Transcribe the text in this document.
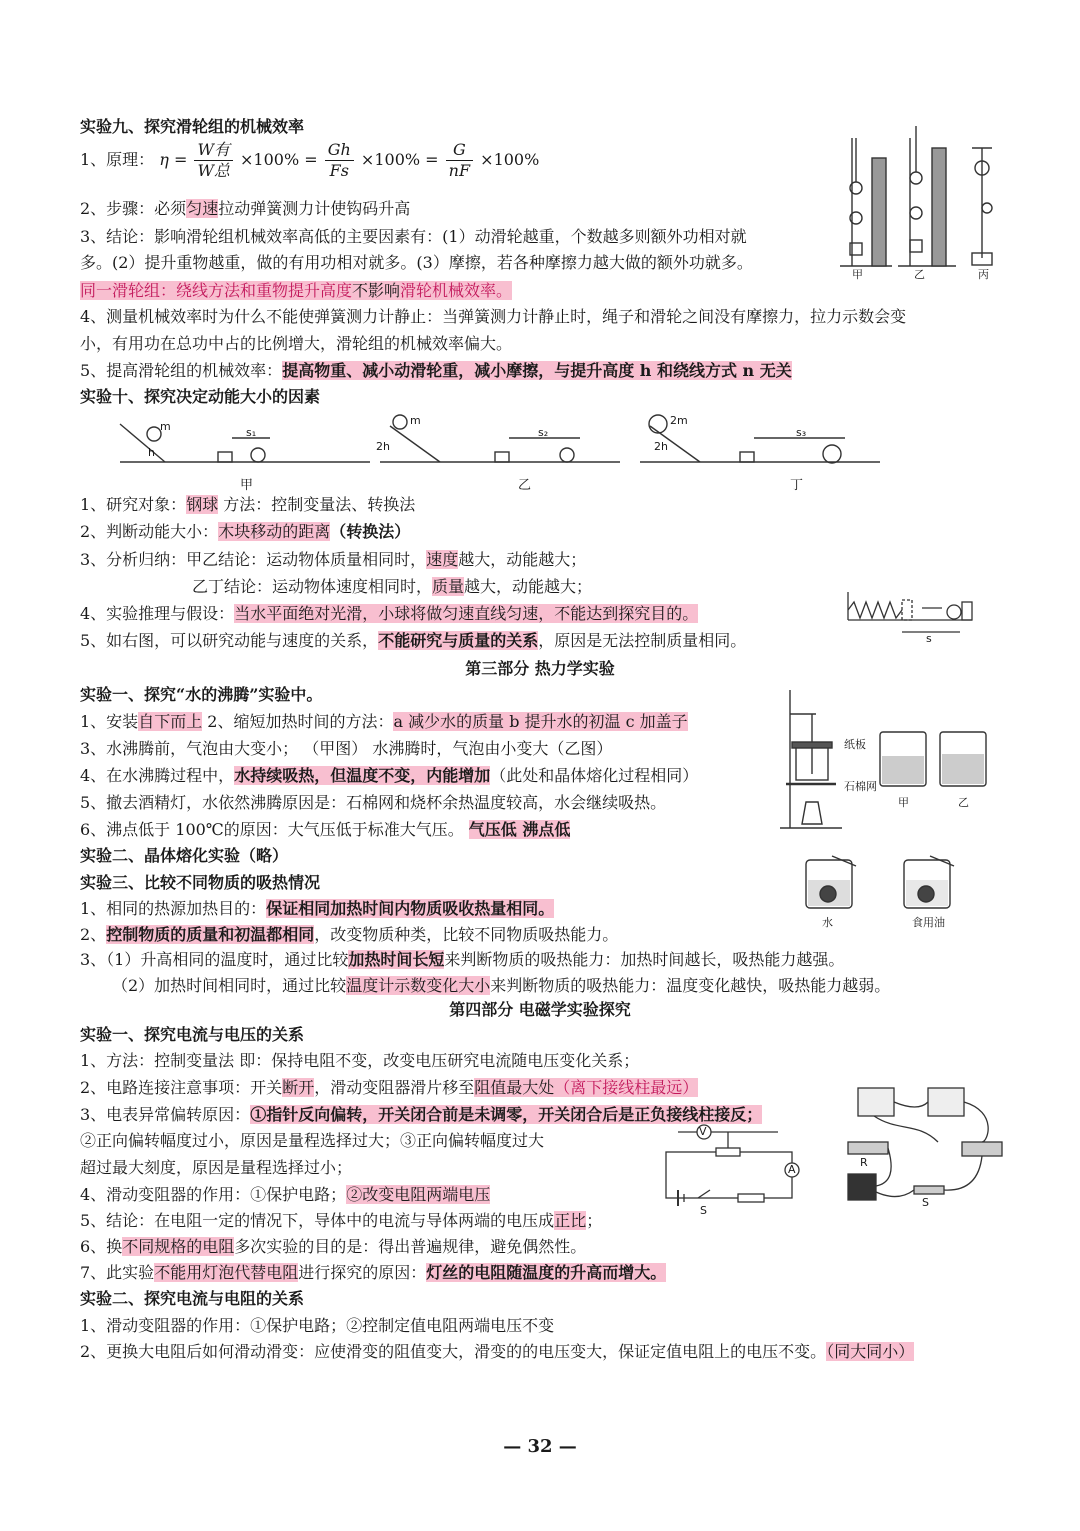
实验九、探究滑轮组的机械效率
1、原理： $\eta = \frac{\text{W有}}{\text{W总}} \times 100\% = \frac{Gh}{Fs} \times 100\% = \frac{G}{nF} \times 100\%$
2、步骤：必须匀速拉动弹簧测力计使钩码升高
3、结论：影响滑轮组机械效率高低的主要因素有：(1）动滑轮越重，个数越多则额外功相对就
多。(2）提升重物越重，做的有用功相对就多。(3）摩擦，若各种摩擦力越大做的额外功就多。
同一滑轮组：绕线方法和重物提升高度不影响滑轮机械效率。
4、测量机械效率时为什么不能使弹簧测力计静止：当弹簧测力计静止时，绳子和滑轮之间没有摩擦力，拉力示数会变
小，有用功在总功中占的比例增大，滑轮组的机械效率偏大。
5、提高滑轮组的机械效率：提高物重、减小动滑轮重，减小摩擦，与提升高度 h 和绕线方式 n 无关
甲	乙	丙
实验十、探究决定动能大小的因素
m
h
s₁
m
2h
s₂
2m
2h
s₃
甲	乙	丁
1、研究对象：钢球 方法：控制变量法、转换法
2、判断动能大小：木块移动的距离（转换法）
3、分析归纳：甲乙结论：运动物体质量相同时，速度越大，动能越大；
乙丁结论：运动物体速度相同时，质量越大，动能越大；
4、实验推理与假设：当水平面绝对光滑，小球将做匀速直线匀速，不能达到探究目的。
5、如右图，可以研究动能与速度的关系，不能研究与质量的关系，原因是无法控制质量相同。	s
第三部分 热力学实验
实验一、探究“水的沸腾”实验中。
1、安装自下而上 2、缩短加热时间的方法：a 减少水的质量 b 提升水的初温 c 加盖子
3、水沸腾前，气泡由大变小； （甲图） 水沸腾时，气泡由小变大（乙图）
4、在水沸腾过程中，水持续吸热，但温度不变，内能增加（此处和晶体熔化过程相同）
5、撤去酒精灯，水依然沸腾原因是：石棉网和烧杯余热温度较高，水会继续吸热。
6、沸点低于 100℃的原因：大气压低于标准大气压。 气压低 沸点低
实验二、晶体熔化实验（略）
实验三、比较不同物质的吸热情况
1、相同的热源加热目的：保证相同加热时间内物质吸收热量相同。
2、控制物质的质量和初温都相同，改变物质种类，比较不同物质吸热能力。
3、（1）升高相同的温度时，通过比较加热时间长短来判断物质的吸热能力：加热时间越长，吸热能力越强。
（2）加热时间相同时，通过比较温度计示数变化大小来判断物质的吸热能力：温度变化越快，吸热能力越弱。
纸板
石棉网
甲	乙
水	食用油
第四部分 电磁学实验探究
实验一、探究电流与电压的关系
1、方法：控制变量法 即：保持电阻不变，改变电压研究电流随电压变化关系；
2、电路连接注意事项：开关断开，滑动变阻器滑片移至阻值最大处（离下接线柱最远）
3、电表异常偏转原因：①指针反向偏转，开关闭合前是未调零，开关闭合后是正负接线柱接反；
②正向偏转幅度过小，原因是量程选择过大；③正向偏转幅度过大
超过最大刻度，原因是量程选择过小；
4、滑动变阻器的作用：①保护电路；②改变电阻两端电压
5、结论：在电阻一定的情况下，导体中的电流与导体两端的电压成正比；
6、换不同规格的电阻多次实验的目的是：得出普遍规律，避免偶然性。
7、此实验不能用灯泡代替电阻进行探究的原因：灯丝的电阻随温度的升高而增大。
实验二、探究电流与电阻的关系
1、滑动变阻器的作用：①保护电路；②控制定值电阻两端电压不变
2、更换大电阻后如何滑动滑变：应使滑变的阻值变大，滑变的的电压变大，保证定值电阻上的电压不变。（同大同小）
V
A
S
R
S
— 32 —
